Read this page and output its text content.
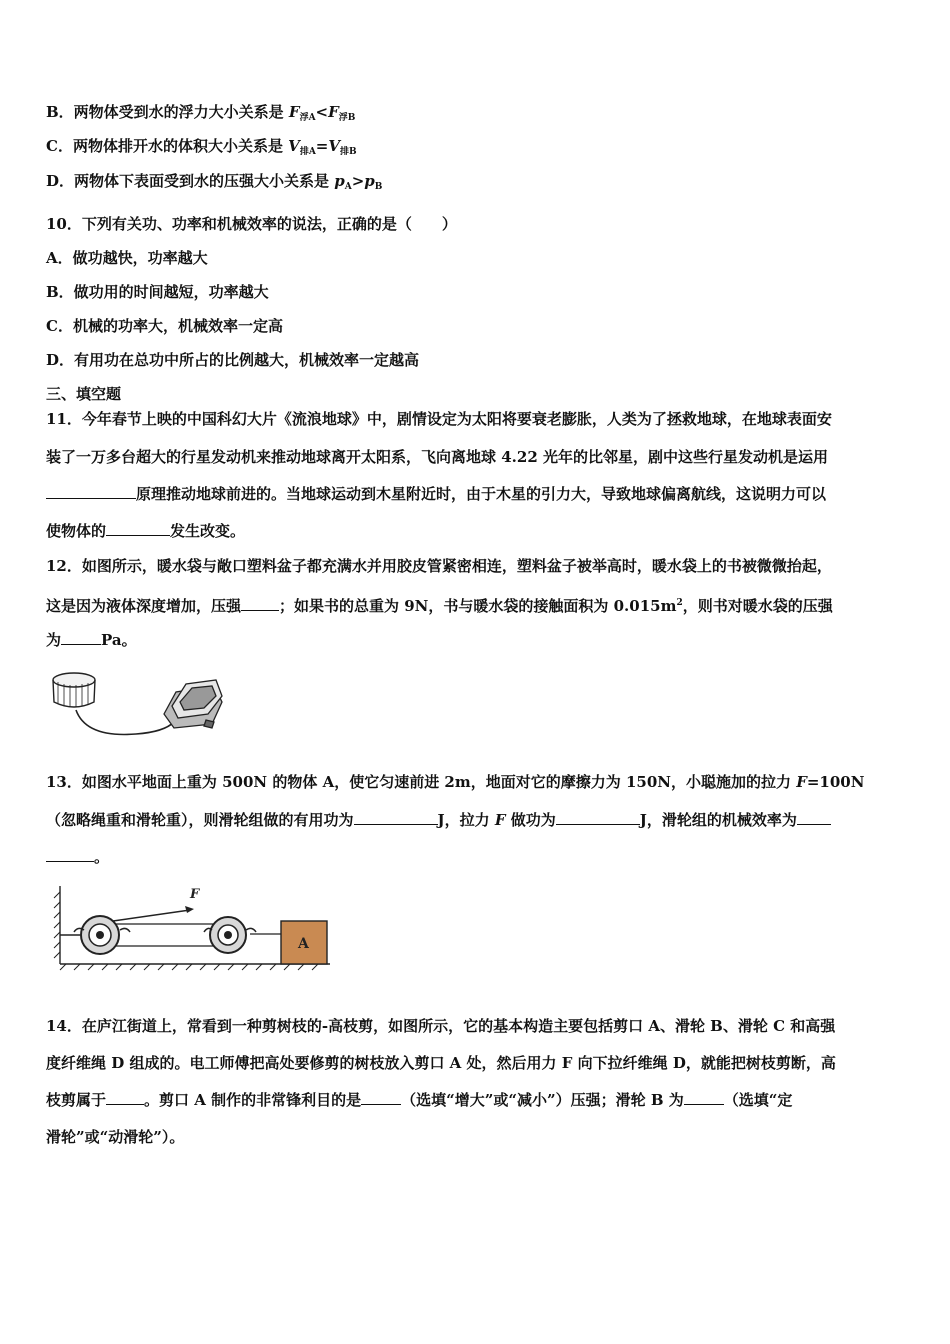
B．两物体受到水的浮力大小关系是 $F_{浮A}<F_{浮B}$
C．两物体排开水的体积大小关系是 $V_{排A}=V_{排B}$
D．两物体下表面受到水的压强大小关系是 $p_A>p_B$
10．下列有关功、功率和机械效率的说法，正确的是（　　）
A．做功越快，功率越大
B．做功用的时间越短，功率越大
C．机械的功率大，机械效率一定高
D．有用功在总功中所占的比例越大，机械效率一定越高
三、填空题
11．今年春节上映的中国科幻大片《流浪地球》中，剧情设定为太阳将要衰老膨胀，人类为了拯救地球，在地球表面安
装了一万多台超大的行星发动机来推动地球离开太阳系，飞向离地球 4.22 光年的比邻星，剧中这些行星发动机是运用
原理推动地球前进的。当地球运动到木星附近时，由于木星的引力大，导致地球偏离航线，这说明力可以
使物体的	发生改变。
12．如图所示，暖水袋与敞口塑料盆子都充满水并用胶皮管紧密相连，塑料盆子被举高时，暖水袋上的书被微微抬起，
这是因为液体深度增加，压强	；如果书的总重为 9N，书与暖水袋的接触面积为 $0.015m^2$，则书对暖水袋的压强
为	Pa。
13．如图水平地面上重为 500N 的物体 A，使它匀速前进 2m，地面对它的摩擦力为 150N，小聪施加的拉力 F=100N
（忽略绳重和滑轮重），则滑轮组做的有用功为	J，拉力 F 做功为	J，滑轮组的机械效率为
。
F
A
14．在庐江街道上，常看到一种剪树枝的-高枝剪，如图所示，它的基本构造主要包括剪口 A、滑轮 B、滑轮 C 和高强
度纤维绳 D 组成的。电工师傅把高处要修剪的树枝放入剪口 A 处，然后用力 F 向下拉纤维绳 D，就能把树枝剪断，高
枝剪属于	。剪口 A 制作的非常锋利目的是	（选填“增大”或“减小”）压强；滑轮 B 为	（选填“定
滑轮”或“动滑轮”）。
